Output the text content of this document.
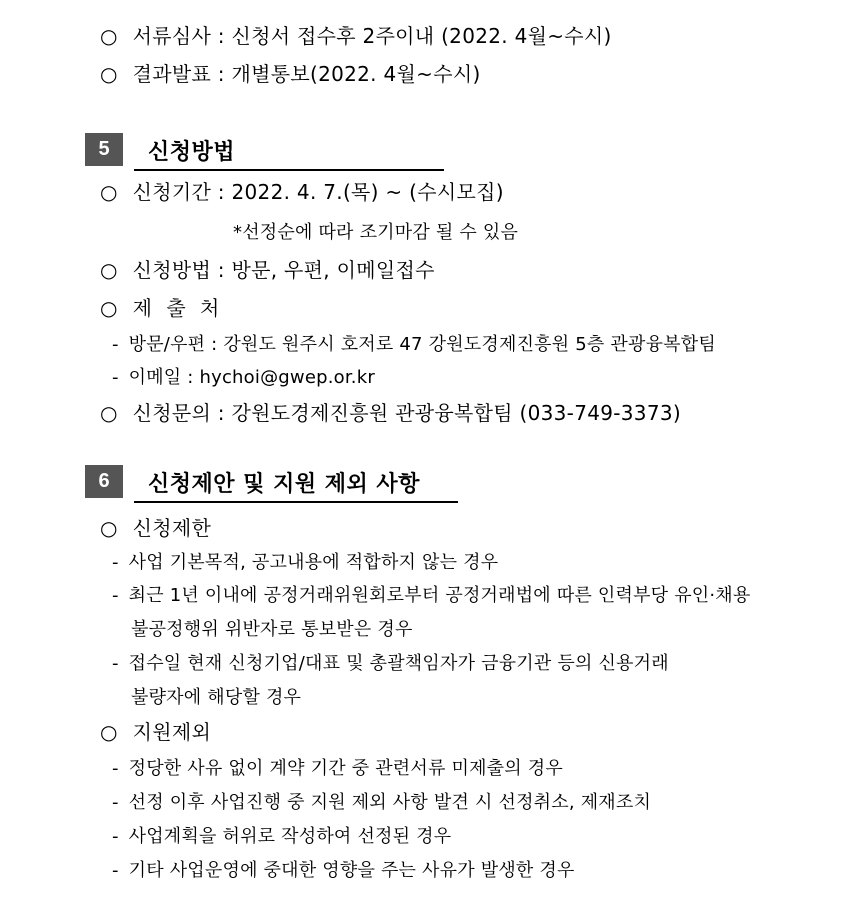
○ 서류심사 : 신청서 접수후 2주이내 (2022. 4월~수시)
○ 결과발표 : 개별통보(2022. 4월~수시)
5	신청방법
○ 신청기간 : 2022. 4. 7.(목) ~ (수시모집)
*선정순에 따라 조기마감 될 수 있음
○ 신청방법 : 방문, 우편, 이메일접수
○ 제 출 처
- 방문/우편 : 강원도 원주시 호저로 47 강원도경제진흥원 5층 관광융복합팀
- 이메일 : hychoi@gwep.or.kr
○ 신청문의 : 강원도경제진흥원 관광융복합팀 (033-749-3373)
6	신청제안 및 지원 제외 사항
○ 신청제한
- 사업 기본목적, 공고내용에 적합하지 않는 경우
- 최근 1년 이내에 공정거래위원회로부터 공정거래법에 따른 인력부당 유인·채용
불공정행위 위반자로 통보받은 경우
- 접수일 현재 신청기업/대표 및 총괄책임자가 금융기관 등의 신용거래
불량자에 해당할 경우
○ 지원제외
- 정당한 사유 없이 계약 기간 중 관련서류 미제출의 경우
- 선정 이후 사업진행 중 지원 제외 사항 발견 시 선정취소, 제재조치
- 사업계획을 허위로 작성하여 선정된 경우
- 기타 사업운영에 중대한 영향을 주는 사유가 발생한 경우
